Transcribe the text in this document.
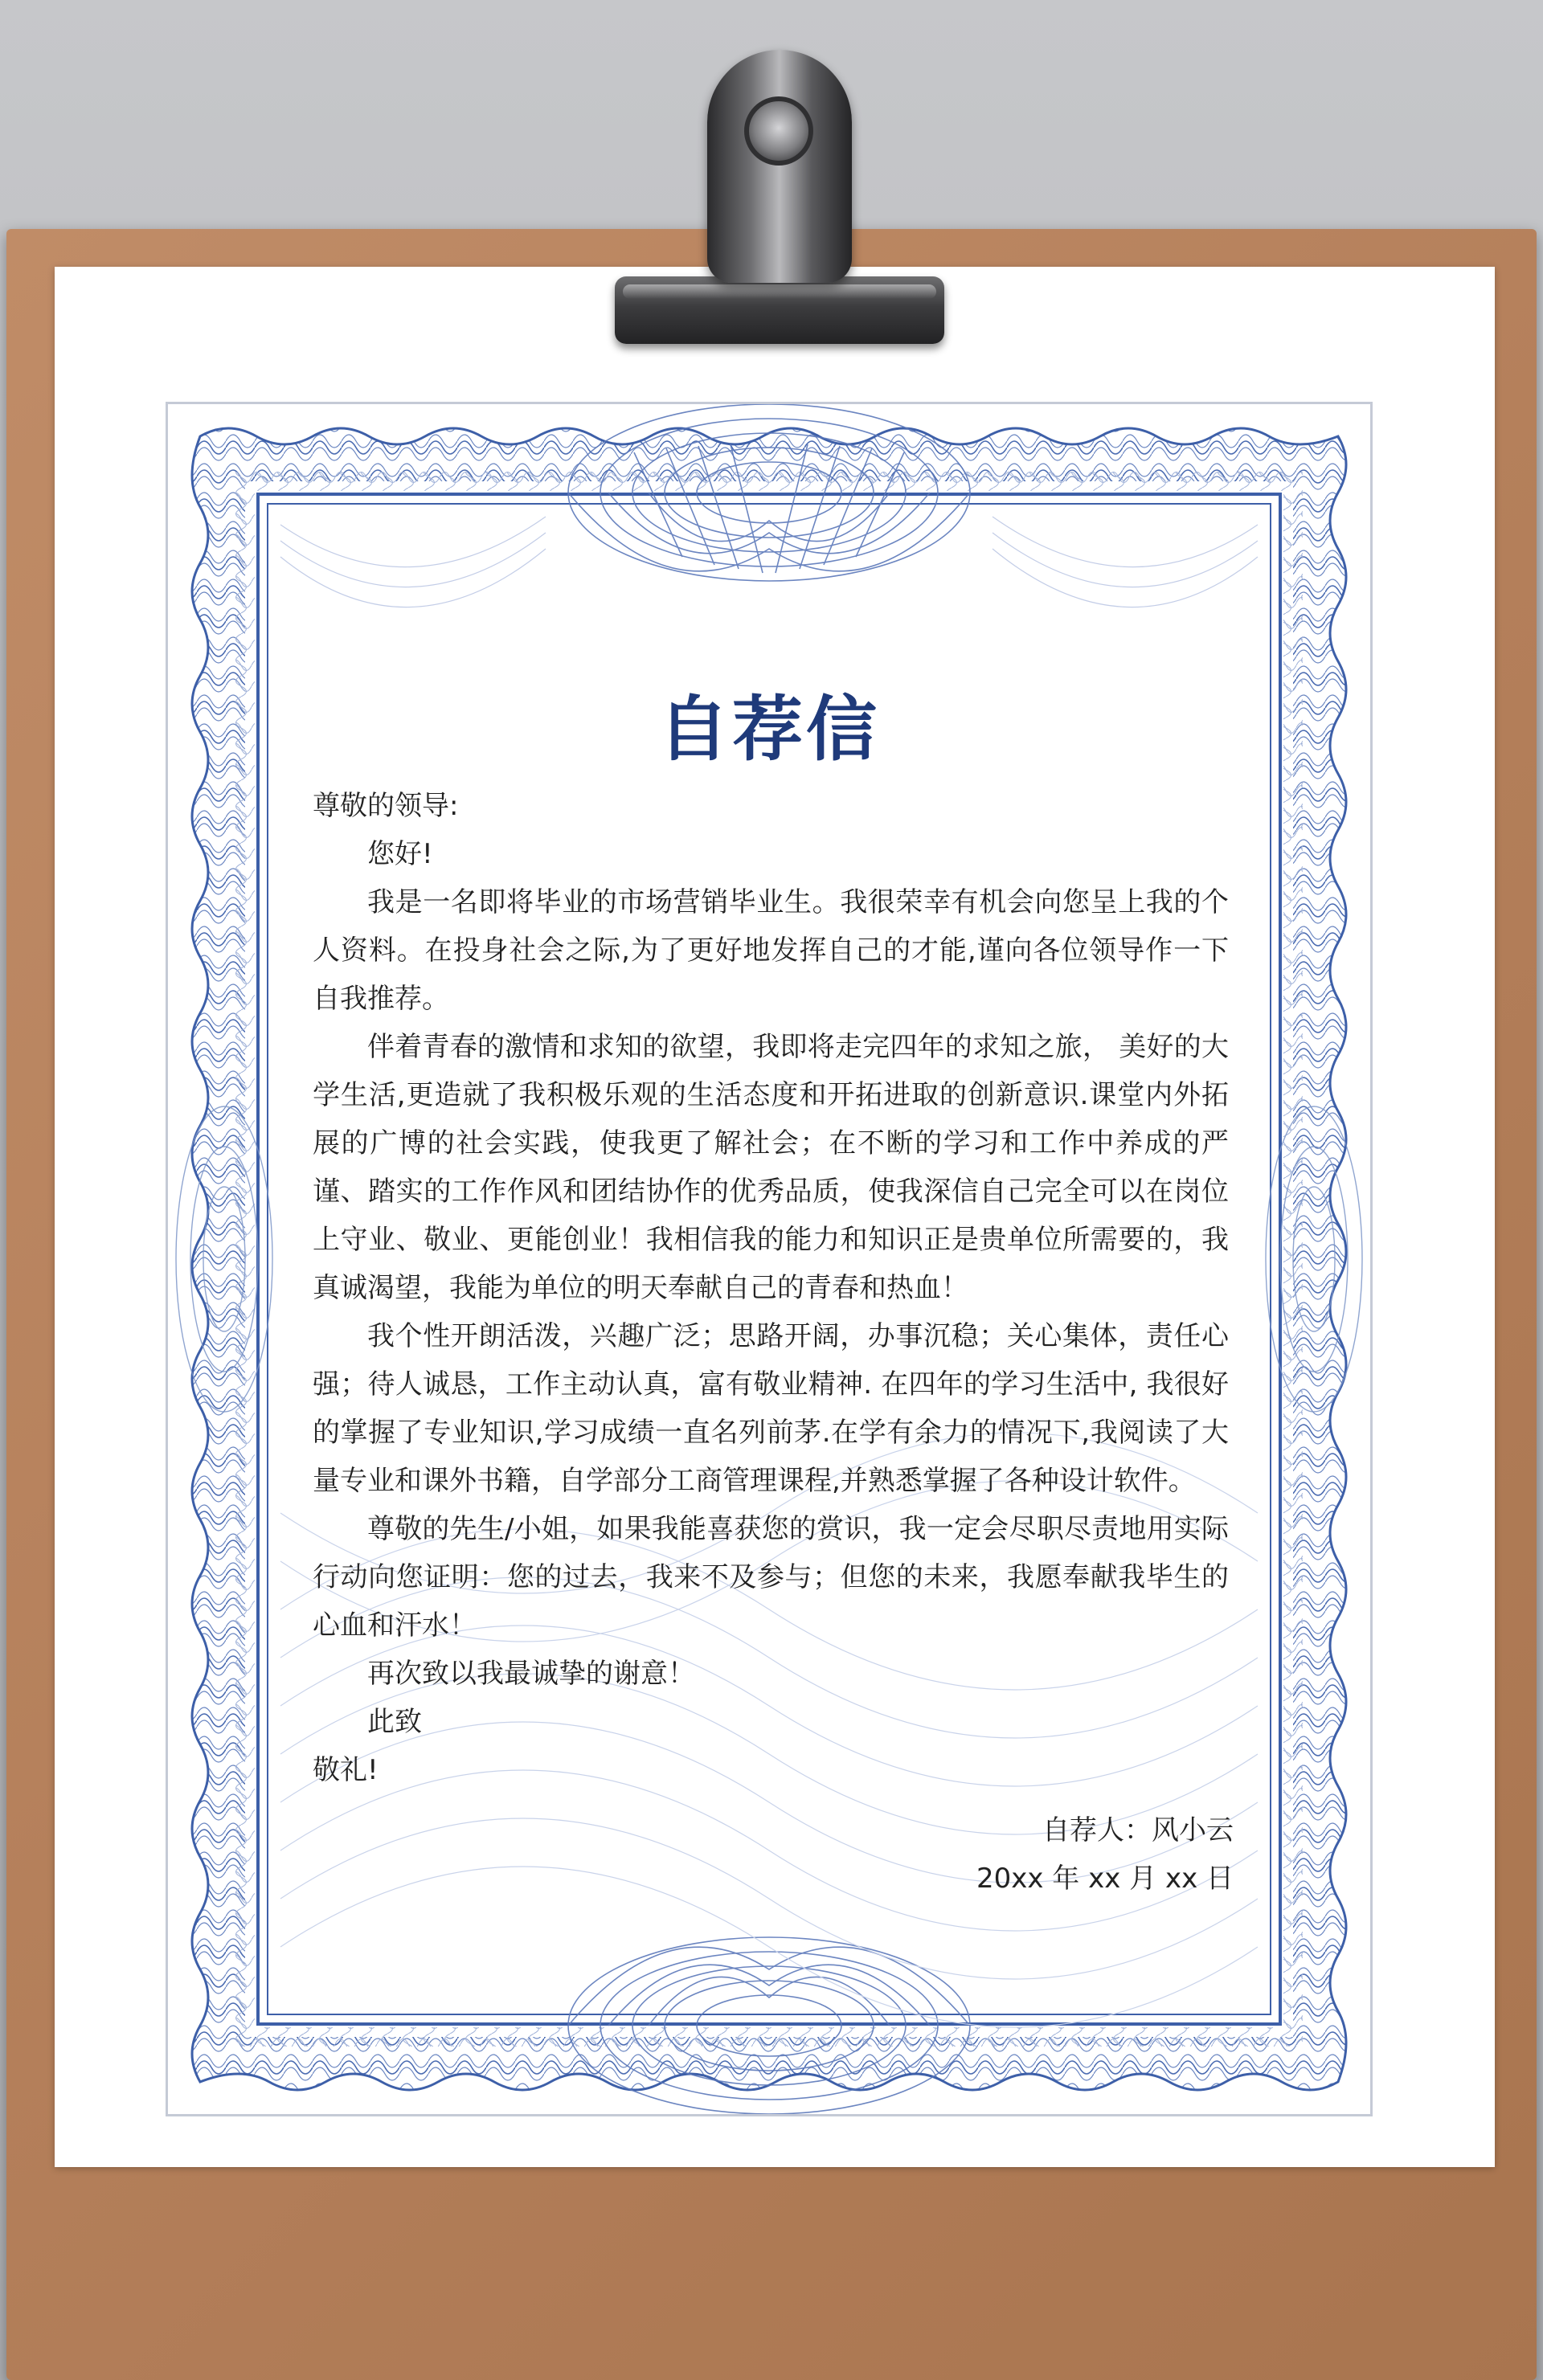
自荐信

尊敬的领导:

您好!

我是一名即将毕业的市场营销毕业生。我很荣幸有机会向您呈上我的个人资料。在投身社会之际,为了更好地发挥自己的才能,谨向各位领导作一下自我推荐。

伴着青春的激情和求知的欲望，我即将走完四年的求知之旅， 美好的大学生活,更造就了我积极乐观的生活态度和开拓进取的创新意识.课堂内外拓展的广博的社会实践，使我更了解社会；在不断的学习和工作中养成的严谨、踏实的工作作风和团结协作的优秀品质，使我深信自己完全可以在岗位上守业、敬业、更能创业！我相信我的能力和知识正是贵单位所需要的，我真诚渴望，我能为单位的明天奉献自己的青春和热血！

我个性开朗活泼，兴趣广泛；思路开阔，办事沉稳；关心集体，责任心强；待人诚恳，工作主动认真，富有敬业精神. 在四年的学习生活中, 我很好的掌握了专业知识,学习成绩一直名列前茅.在学有余力的情况下,我阅读了大量专业和课外书籍，自学部分工商管理课程,并熟悉掌握了各种设计软件。

尊敬的先生/小姐，如果我能喜获您的赏识，我一定会尽职尽责地用实际行动向您证明：您的过去，我来不及参与；但您的未来，我愿奉献我毕生的心血和汗水！

再次致以我最诚挚的谢意！

此致

敬礼!

自荐人：风小云
20xx 年 xx 月 xx 日
